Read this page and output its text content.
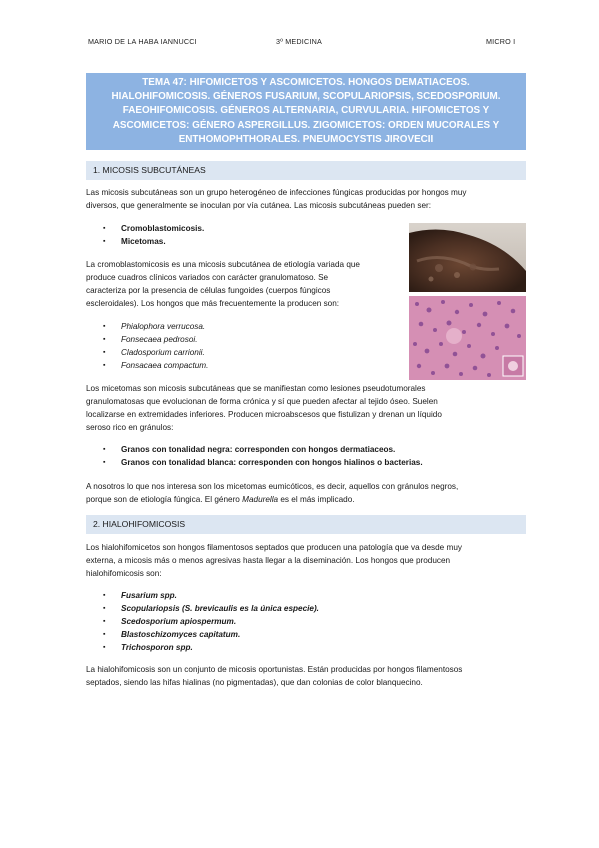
MARIO DE LA HABA IANNUCCI	3º MEDICINA	MICRO I
TEMA 47: HIFOMICETOS Y ASCOMICETOS. HONGOS DEMATIACEOS.
HIALOHIFOMICOSIS. GÉNEROS FUSARIUM, SCOPULARIOPSIS, SCEDOSPORIUM.
FAEOHIFOMICOSIS. GÉNEROS ALTERNARIA, CURVULARIA. HIFOMICETOS Y
ASCOMICETOS: GÉNERO ASPERGILLUS. ZIGOMICETOS: ORDEN MUCORALES Y
ENTHOMOPHTHORALES. PNEUMOCYSTIS JIROVECII
1. MICOSIS SUBCUTÁNEAS
Las micosis subcutáneas son un grupo heterogéneo de infecciones fúngicas producidas por hongos muy
diversos, que generalmente se inoculan por vía cutánea. Las micosis subcutáneas pueden ser:
▪ Cromoblastomicosis.
▪ Micetomas.
La cromoblastomicosis es una micosis subcutánea de etiología variada que
produce cuadros clínicos variados con carácter granulomatoso. Se
caracteriza por la presencia de células fungoides (cuerpos fúngicos
escleroidales). Los hongos que más frecuentemente la producen son:
▪ Phialophora verrucosa.
▪ Fonsecaea pedrosoi.
▪ Cladosporium carrionii.
▪ Fonsacaea compactum.
Los micetomas son micosis subcutáneas que se manifiestan como lesiones pseudotumorales
granulomatosas que evolucionan de forma crónica y sí que pueden afectar al tejido óseo. Suelen
localizarse en extremidades inferiores. Producen microabscesos que fistulizan y drenan un líquido
seroso rico en gránulos:
▪ Granos con tonalidad negra: corresponden con hongos dermatiaceos.
▪ Granos con tonalidad blanca: corresponden con hongos hialinos o bacterias.
A nosotros lo que nos interesa son los micetomas eumicóticos, es decir, aquellos con gránulos negros,
porque son de etiología fúngica. El género Madurella es el más implicado.
2. HIALOHIFOMICOSIS
Los hialohifomicetos son hongos filamentosos septados que producen una patología que va desde muy
externa, a micosis más o menos agresivas hasta llegar a la diseminación. Los hongos que producen
hialohifomicosis son:
▪ Fusarium spp.
▪ Scopulariopsis (S. brevicaulis es la única especie).
▪ Scedosporium apiospermum.
▪ Blastoschizomyces capitatum.
▪ Trichosporon spp.
La hialohifomicosis son un conjunto de micosis oportunistas. Están producidas por hongos filamentosos
septados, siendo las hifas hialinas (no pigmentadas), que dan colonias de color blanquecino.
